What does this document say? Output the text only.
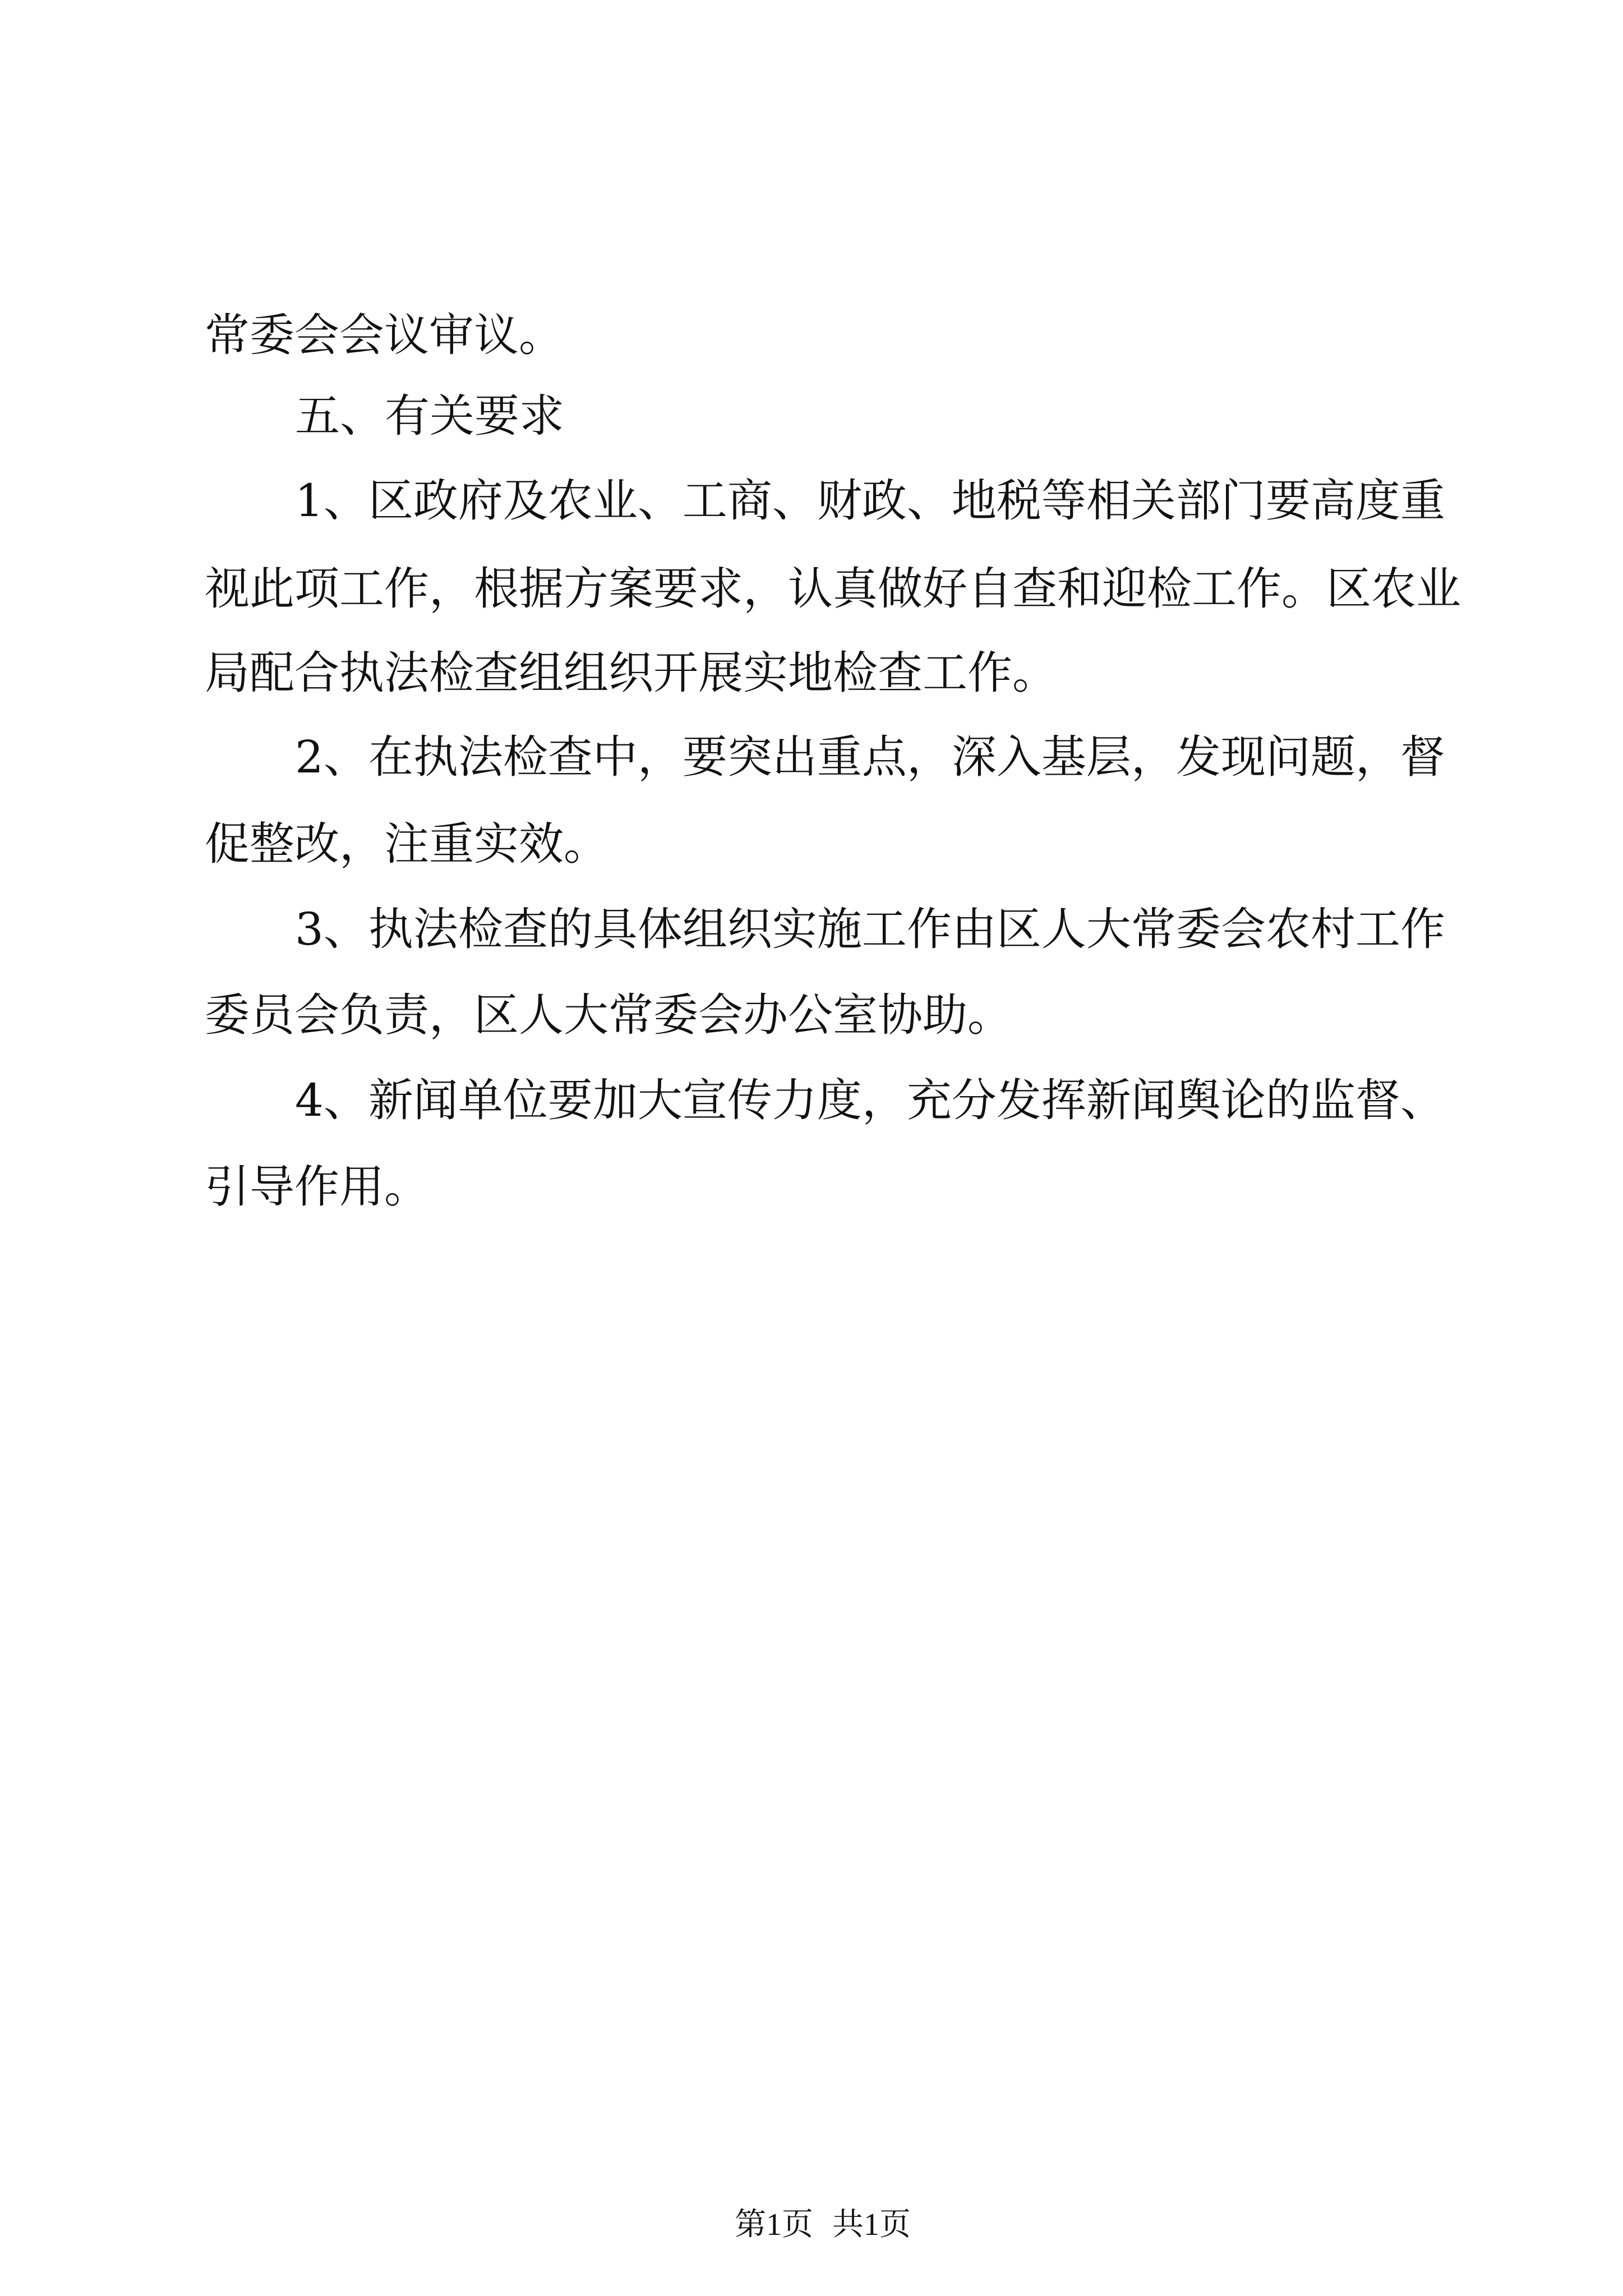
常委会会议审议。

五、有关要求

1、区政府及农业、工商、财政、地税等相关部门要高度重

视此项工作，根据方案要求，认真做好自查和迎检工作。区农业

局配合执法检查组组织开展实地检查工作。

2、在执法检查中，要突出重点，深入基层，发现问题，督

促整改，注重实效。

3、执法检查的具体组织实施工作由区人大常委会农村工作

委员会负责，区人大常委会办公室协助。

4、新闻单位要加大宣传力度，充分发挥新闻舆论的监督、

引导作用。

第1页 共1页
